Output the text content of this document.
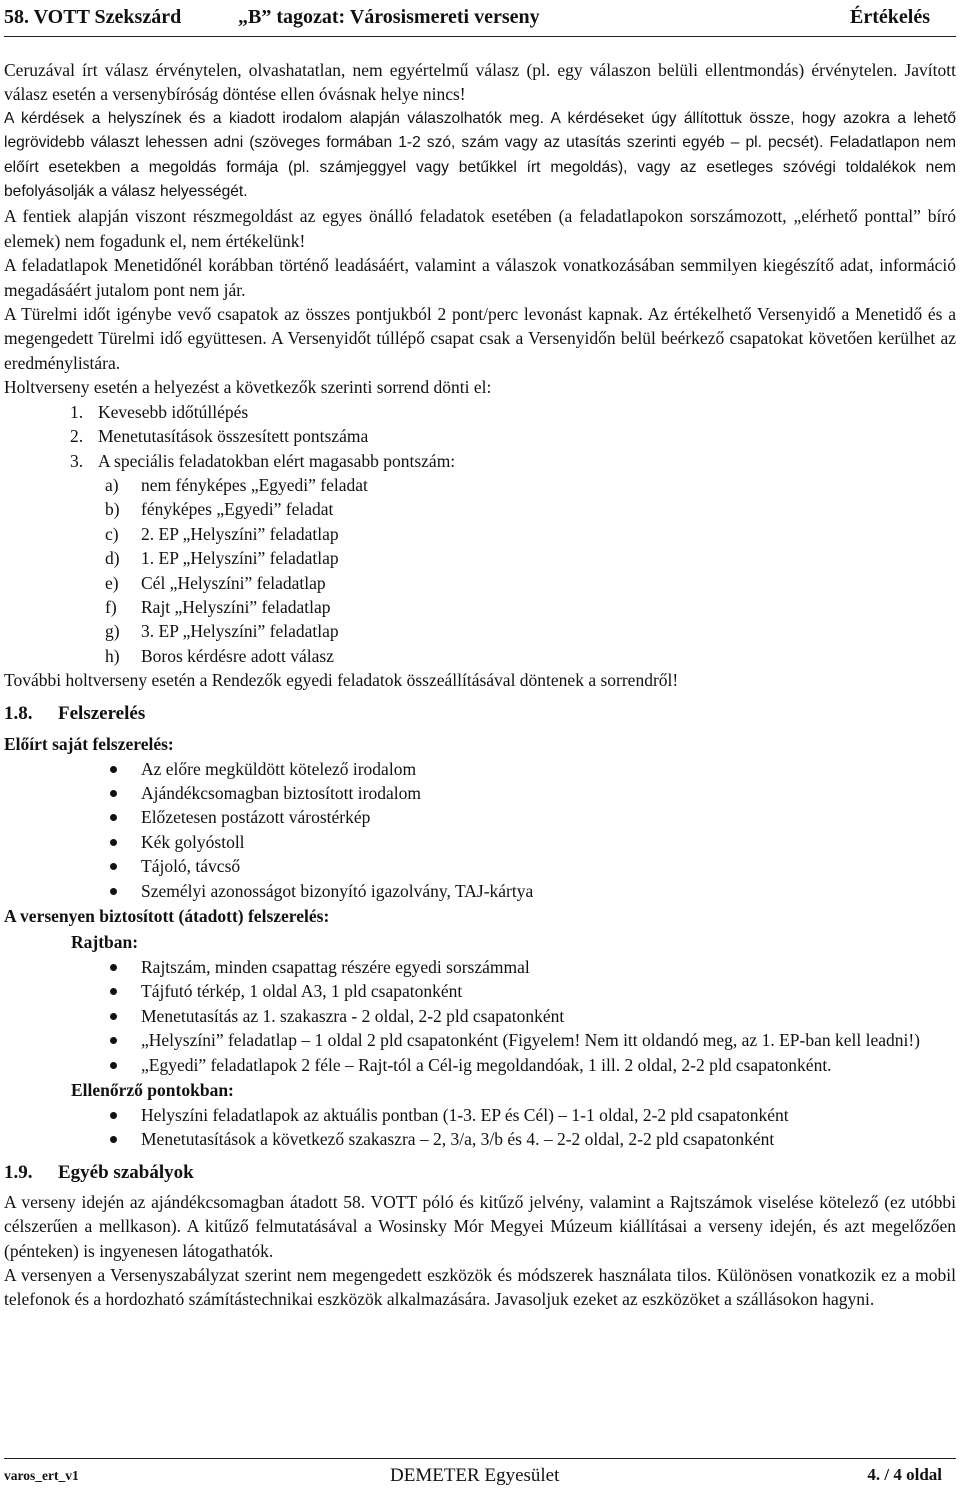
58. VOTT Szekszárd	„B” tagozat: Városismereti verseny	Értékelés

Ceruzával írt válasz érvénytelen, olvashatatlan, nem egyértelmű válasz (pl. egy válaszon belüli ellentmondás) érvénytelen. Javított válasz esetén a versenybíróság döntése ellen óvásnak helye nincs!

A kérdések a helyszínek és a kiadott irodalom alapján válaszolhatók meg. A kérdéseket úgy állítottuk össze, hogy azokra a lehető legrövidebb választ lehessen adni (szöveges formában 1-2 szó, szám vagy az utasítás szerinti egyéb – pl. pecsét). Feladatlapon nem előírt esetekben a megoldás formája (pl. számjeggyel vagy betűkkel írt megoldás), vagy az esetleges szóvégi toldalékok nem befolyásolják a válasz helyességét.

A fentiek alapján viszont részmegoldást az egyes önálló feladatok esetében (a feladatlapokon sorszámozott, „elérhető ponttal” bíró elemek) nem fogadunk el, nem értékelünk!

A feladatlapok Menetidőnél korábban történő leadásáért, valamint a válaszok vonatkozásában semmilyen kiegészítő adat, információ megadásáért jutalom pont nem jár.

A Türelmi időt igénybe vevő csapatok az összes pontjukból 2 pont/perc levonást kapnak. Az értékelhető Versenyidő a Menetidő és a megengedett Türelmi idő együttesen. A Versenyidőt túllépő csapat csak a Versenyidőn belül beérkező csapatokat követően kerülhet az eredménylistára.

Holtverseny esetén a helyezést a következők szerinti sorrend dönti el:

1. Kevesebb időtúllépés
2. Menetutasítások összesített pontszáma
3. A speciális feladatokban elért magasabb pontszám:
a) nem fényképes „Egyedi” feladat
b) fényképes „Egyedi” feladat
c) 2. EP „Helyszíni” feladatlap
d) 1. EP „Helyszíni” feladatlap
e) Cél „Helyszíni” feladatlap
f) Rajt „Helyszíni” feladatlap
g) 3. EP „Helyszíni” feladatlap
h) Boros kérdésre adott válasz

További holtverseny esetén a Rendezők egyedi feladatok összeállításával döntenek a sorrendről!

1.8. Felszerelés

Előírt saját felszerelés:

Az előre megküldött kötelező irodalom
Ajándékcsomagban biztosított irodalom
Előzetesen postázott várostérkép
Kék golyóstoll
Tájoló, távcső
Személyi azonosságot bizonyító igazolvány, TAJ-kártya

A versenyen biztosított (átadott) felszerelés:

Rajtban:

Rajtszám, minden csapattag részére egyedi sorszámmal
Tájfutó térkép, 1 oldal A3, 1 pld csapatonként
Menetutasítás az 1. szakaszra - 2 oldal, 2-2 pld csapatonként
„Helyszíni” feladatlap – 1 oldal 2 pld csapatonként (Figyelem! Nem itt oldandó meg, az 1. EP-ban kell leadni!)
„Egyedi” feladatlapok 2 féle – Rajt-tól a Cél-ig megoldandóak, 1 ill. 2 oldal, 2-2 pld csapatonként.

Ellenőrző pontokban:

Helyszíni feladatlapok az aktuális pontban (1-3. EP és Cél) – 1-1 oldal, 2-2 pld csapatonként
Menetutasítások a következő szakaszra – 2, 3/a, 3/b és 4. – 2-2 oldal, 2-2 pld csapatonként
1.9. Egyéb szabályok

A verseny idején az ajándékcsomagban átadott 58. VOTT póló és kitűző jelvény, valamint a Rajtszámok viselése kötelező (ez utóbbi célszerűen a mellkason). A kitűző felmutatásával a Wosinsky Mór Megyei Múzeum kiállításai a verseny idején, és azt megelőzően (pénteken) is ingyenesen látogathatók.

A versenyen a Versenyszabályzat szerint nem megengedett eszközök és módszerek használata tilos. Különösen vonatkozik ez a mobil telefonok és a hordozható számítástechnikai eszközök alkalmazására. Javasoljuk ezeket az eszközöket a szállásokon hagyni.

varos_ert_v1	DEMETER Egyesület	4. / 4 oldal
